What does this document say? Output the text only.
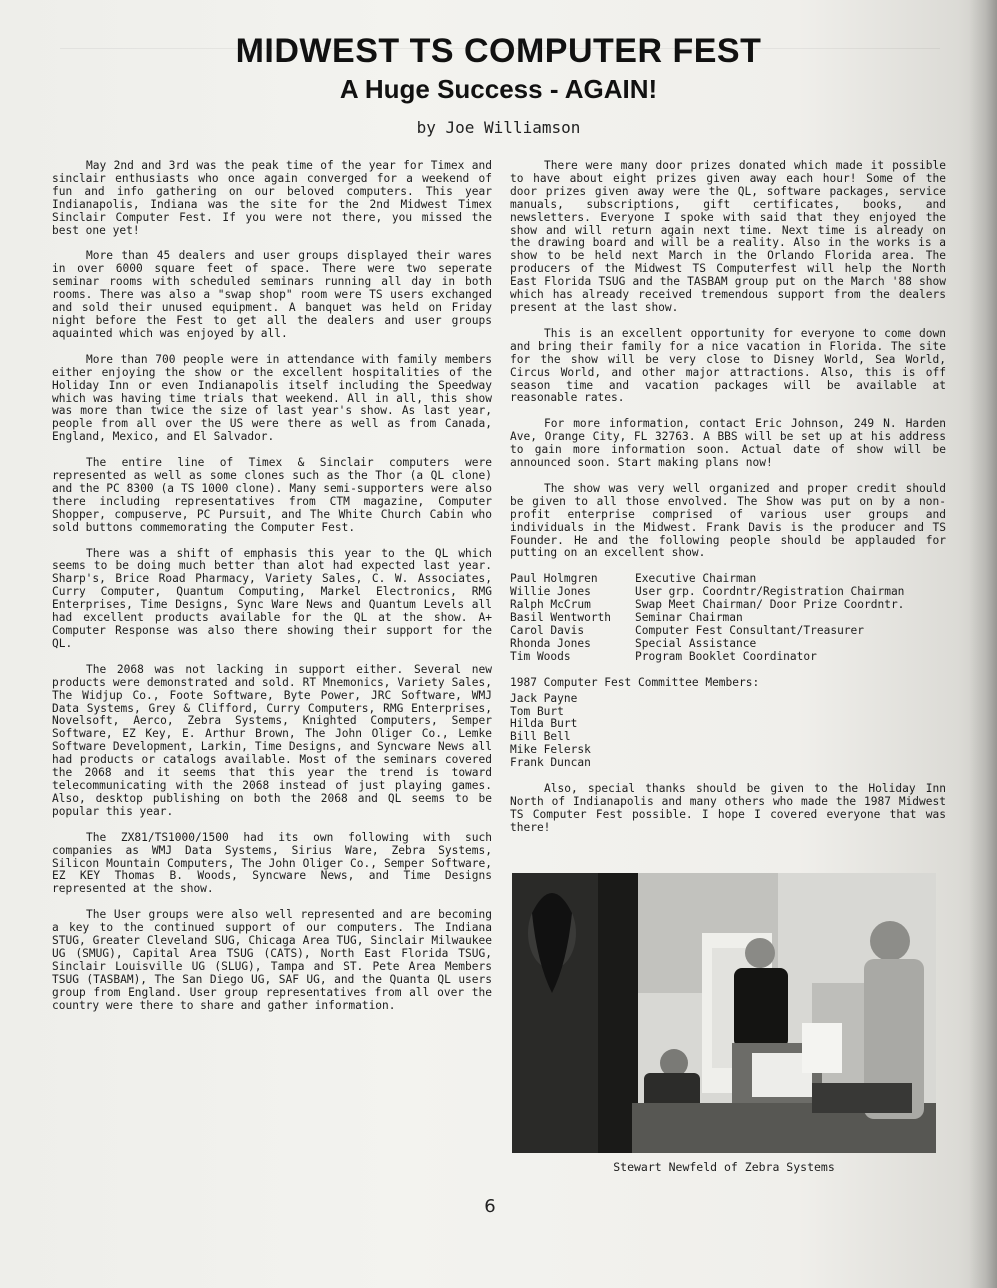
MIDWEST TS COMPUTER FEST
A Huge Success - AGAIN!
by Joe Williamson

May 2nd and 3rd was the peak time of the year for Timex and sinclair enthusiasts who once again converged for a weekend of fun and info gathering on our beloved computers. This year Indianapolis, Indiana was the site for the 2nd Midwest Timex Sinclair Computer Fest. If you were not there, you missed the best one yet!

More than 45 dealers and user groups displayed their wares in over 6000 square feet of space. There were two seperate seminar rooms with scheduled seminars running all day in both rooms. There was also a "swap shop" room were TS users exchanged and sold their unused equipment. A banquet was held on Friday night before the Fest to get all the dealers and user groups aquainted which was enjoyed by all.

More than 700 people were in attendance with family members either enjoying the show or the excellent hospitalities of the Holiday Inn or even Indianapolis itself including the Speedway which was having time trials that weekend. All in all, this show was more than twice the size of last year's show. As last year, people from all over the US were there as well as from Canada, England, Mexico, and El Salvador.

The entire line of Timex & Sinclair computers were represented as well as some clones such as the Thor (a QL clone) and the PC 8300 (a TS 1000 clone). Many semi-supporters were also there including representatives from CTM magazine, Computer Shopper, compuserve, PC Pursuit, and The White Church Cabin who sold buttons commemorating the Computer Fest.

There was a shift of emphasis this year to the QL which seems to be doing much better than alot had expected last year. Sharp's, Brice Road Pharmacy, Variety Sales, C. W. Associates, Curry Computer, Quantum Computing, Markel Electronics, RMG Enterprises, Time Designs, Sync Ware News and Quantum Levels all had excellent products available for the QL at the show. A+ Computer Response was also there showing their support for the QL.

The 2068 was not lacking in support either. Several new products were demonstrated and sold. RT Mnemonics, Variety Sales, The Widjup Co., Foote Software, Byte Power, JRC Software, WMJ Data Systems, Grey & Clifford, Curry Computers, RMG Enterprises, Novelsoft, Aerco, Zebra Systems, Knighted Computers, Semper Software, EZ Key, E. Arthur Brown, The John Oliger Co., Lemke Software Development, Larkin, Time Designs, and Syncware News all had products or catalogs available. Most of the seminars covered the 2068 and it seems that this year the trend is toward telecommunicating with the 2068 instead of just playing games. Also, desktop publishing on both the 2068 and QL seems to be popular this year.

The ZX81/TS1000/1500 had its own following with such companies as WMJ Data Systems, Sirius Ware, Zebra Systems, Silicon Mountain Computers, The John Oliger Co., Semper Software, EZ KEY Thomas B. Woods, Syncware News, and Time Designs represented at the show.

The User groups were also well represented and are becoming a key to the continued support of our computers. The Indiana STUG, Greater Cleveland SUG, Chicaga Area TUG, Sinclair Milwaukee UG (SMUG), Capital Area TSUG (CATS), North East Florida TSUG, Sinclair Louisville UG (SLUG), Tampa and ST. Pete Area Members TSUG (TASBAM), The San Diego UG, SAF UG, and the Quanta QL users group from England. User group representatives from all over the country were there to share and gather information.

There were many door prizes donated which made it possible to have about eight prizes given away each hour! Some of the door prizes given away were the QL, software packages, service manuals, subscriptions, gift certificates, books, and newsletters. Everyone I spoke with said that they enjoyed the show and will return again next time. Next time is already on the drawing board and will be a reality. Also in the works is a show to be held next March in the Orlando Florida area. The producers of the Midwest TS Computerfest will help the North East Florida TSUG and the TASBAM group put on the March '88 show which has already received tremendous support from the dealers present at the last show.

This is an excellent opportunity for everyone to come down and bring their family for a nice vacation in Florida. The site for the show will be very close to Disney World, Sea World, Circus World, and other major attractions. Also, this is off season time and vacation packages will be available at reasonable rates.

For more information, contact Eric Johnson, 249 N. Harden Ave, Orange City, FL 32763. A BBS will be set up at his address to gain more information soon. Actual date of show will be announced soon. Start making plans now!

The show was very well organized and proper credit should be given to all those envolved. The Show was put on by a non-profit enterprise comprised of various user groups and individuals in the Midwest. Frank Davis is the producer and TS Founder. He and the following people should be applauded for putting on an excellent show.

Paul Holmgren	Executive Chairman
Willie Jones	User grp. Coordntr/Registration Chairman
Ralph McCrum	Swap Meet Chairman/ Door Prize Coordntr.
Basil Wentworth	Seminar Chairman
Carol Davis	Computer Fest Consultant/Treasurer
Rhonda Jones	Special Assistance
Tim Woods	Program Booklet Coordinator
1987 Computer Fest Committee Members:
Jack Payne
Tom Burt
Hilda Burt
Bill Bell
Mike Felersk
Frank Duncan

Also, special thanks should be given to the Holiday Inn North of Indianapolis and many others who made the 1987 Midwest TS Computer Fest possible. I hope I covered everyone that was there!

Stewart Newfeld of Zebra Systems
6
